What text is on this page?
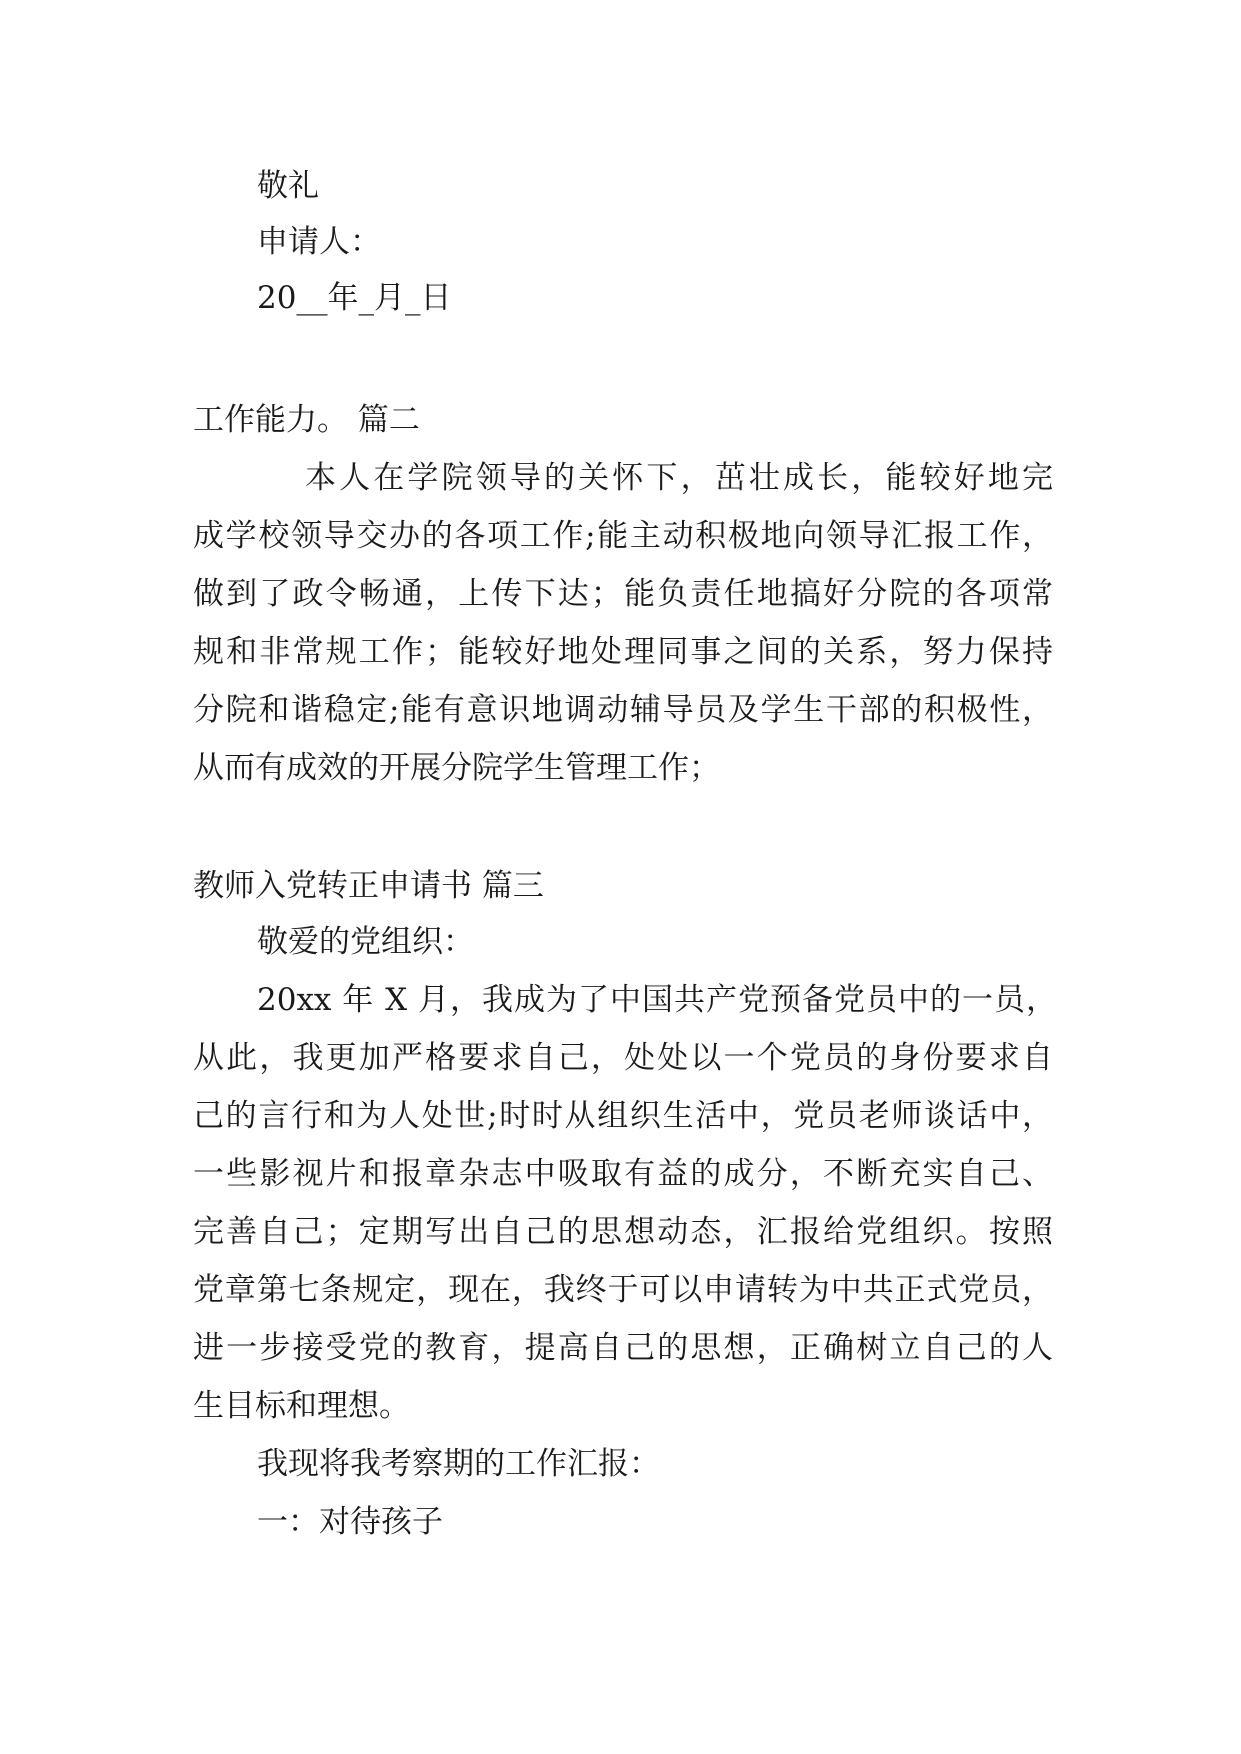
敬礼

申请人：

20__年_月_日

工作能力。 篇二

本人在学院领导的关怀下，茁壮成长，能较好地完

成学校领导交办的各项工作;能主动积极地向领导汇报工作，

做到了政令畅通，上传下达；能负责任地搞好分院的各项常

规和非常规工作；能较好地处理同事之间的关系，努力保持

分院和谐稳定;能有意识地调动辅导员及学生干部的积极性，

从而有成效的开展分院学生管理工作；

教师入党转正申请书 篇三

敬爱的党组织：

20xx 年 X 月，我成为了中国共产党预备党员中的一员，

从此，我更加严格要求自己，处处以一个党员的身份要求自

己的言行和为人处世;时时从组织生活中，党员老师谈话中，

一些影视片和报章杂志中吸取有益的成分，不断充实自己、

完善自己；定期写出自己的思想动态，汇报给党组织。按照

党章第七条规定，现在，我终于可以申请转为中共正式党员，

进一步接受党的教育，提高自己的思想，正确树立自己的人

生目标和理想。

我现将我考察期的工作汇报：

一：对待孩子
